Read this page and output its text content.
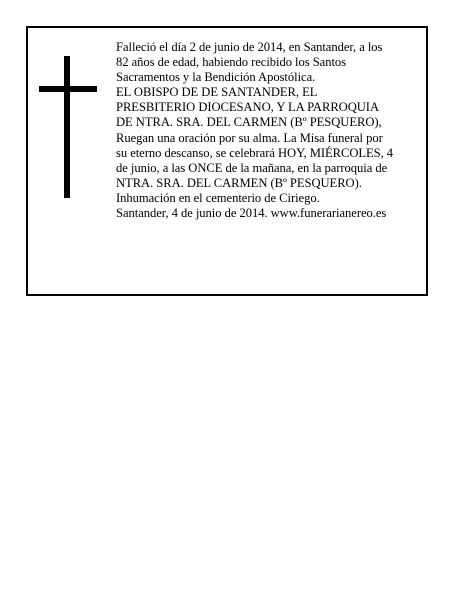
Falleció el día 2 de junio de 2014, en Santander, a los
82 años de edad, habiendo recibido los Santos
Sacramentos y la Bendición Apostólica.
EL OBISPO DE DE SANTANDER, EL
PRESBITERIO DIOCESANO, Y LA PARROQUIA
DE NTRA. SRA. DEL CARMEN (Bº PESQUERO),
Ruegan una oración por su alma. La Misa funeral por
su eterno descanso, se celebrará HOY, MIÉRCOLES, 4
de junio, a las ONCE de la mañana, en la parroquia de
NTRA. SRA. DEL CARMEN (Bº PESQUERO).
Inhumación en el cementerio de Ciriego.
Santander, 4 de junio de 2014. www.funerarianereo.es
